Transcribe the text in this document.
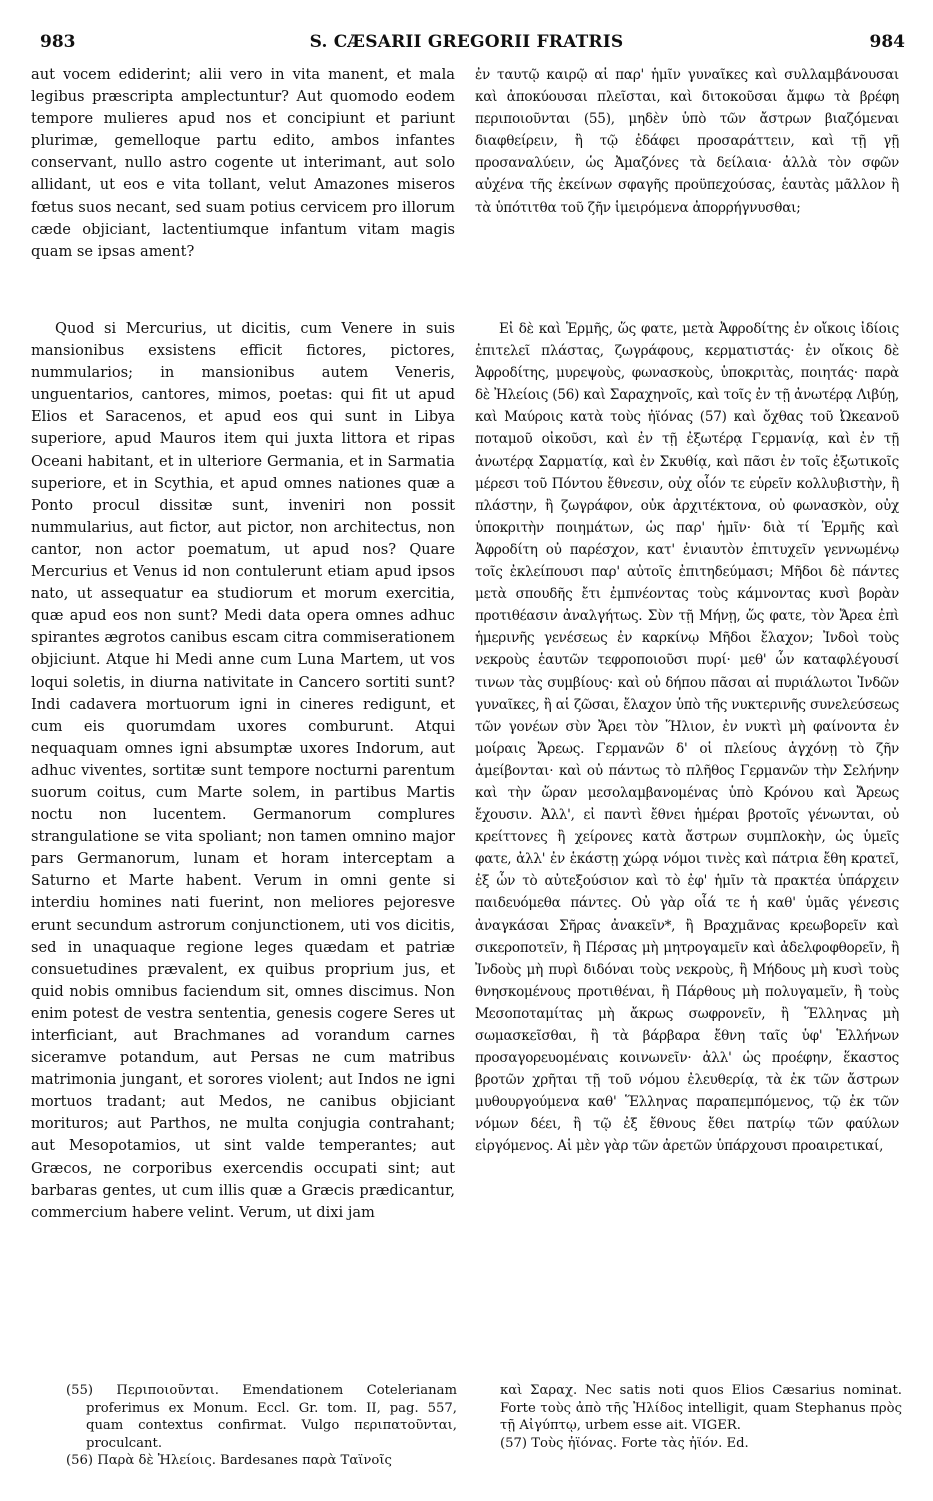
983	S. CÆSARII GREGORII FRATRIS	984

aut vocem ediderint; alii vero in vita manent, et mala legibus præscripta amplectuntur? Aut quomodo eodem tempore mulieres apud nos et concipiunt et pariunt plurimæ, gemelloque partu edito, ambos infantes conservant, nullo astro cogente ut interimant, aut solo allidant, ut eos e vita tollant, velut Amazones miseros fœtus suos necant, sed suam potius cervicem pro illorum cæde objiciant, lactentiumque infantum vitam magis quam se ipsas ament?

Quod si Mercurius, ut dicitis, cum Venere in suis mansionibus exsistens efficit fictores, pictores, nummularios; in mansionibus autem Veneris, unguentarios, cantores, mimos, poetas: qui fit ut apud Elios et Saracenos, et apud eos qui sunt in Libya superiore, apud Mauros item qui juxta littora et ripas Oceani habitant, et in ulteriore Germania, et in Sarmatia superiore, et in Scythia, et apud omnes nationes quæ a Ponto procul dissitæ sunt, inveniri non possit nummularius, aut fictor, aut pictor, non architectus, non cantor, non actor poematum, ut apud nos? Quare Mercurius et Venus id non contulerunt etiam apud ipsos nato, ut assequatur ea studiorum et morum exercitia, quæ apud eos non sunt? Medi data opera omnes adhuc spirantes ægrotos canibus escam citra commiserationem objiciunt. Atque hi Medi anne cum Luna Martem, ut vos loqui soletis, in diurna nativitate in Cancero sortiti sunt? Indi cadavera mortuorum igni in cineres redigunt, et cum eis quorumdam uxores comburunt. Atqui nequaquam omnes igni absumptæ uxores Indorum, aut adhuc viventes, sortitæ sunt tempore nocturni parentum suorum coitus, cum Marte solem, in partibus Martis noctu non lucentem. Germanorum complures strangulatione se vita spoliant; non tamen omnino major pars Germanorum, lunam et horam interceptam a Saturno et Marte habent. Verum in omni gente si interdiu homines nati fuerint, non meliores pejoresve erunt secundum astrorum conjunctionem, uti vos dicitis, sed in unaquaque regione leges quædam et patriæ consuetudines prævalent, ex quibus proprium jus, et quid nobis omnibus faciendum sit, omnes discimus. Non enim potest de vestra sententia, genesis cogere Seres ut interficiant, aut Brachmanes ad vorandum carnes siceramve potandum, aut Persas ne cum matribus matrimonia jungant, et sorores violent; aut Indos ne igni mortuos tradant; aut Medos, ne canibus objiciant morituros; aut Parthos, ne multa conjugia contrahant; aut Mesopotamios, ut sint valde temperantes; aut Græcos, ne corporibus exercendis occupati sint; aut barbaras gentes, ut cum illis quæ a Græcis prædicantur, commercium habere velint. Verum, ut dixi jam

ἐν ταυτῷ καιρῷ αἱ παρ' ἡμῖν γυναῖκες καὶ συλλαμβάνουσαι καὶ ἀποκύουσαι πλεῖσται, καὶ διτοκοῦσαι ἄμφω τὰ βρέφη περιποιοῦνται (55), μηδὲν ὑπὸ τῶν ἄστρων βιαζόμεναι διαφθείρειν, ἢ τῷ ἐδάφει προσαράττειν, καὶ τῇ γῇ προσαναλύειν, ὡς Ἀμαζόνες τὰ δείλαια· ἀλλὰ τὸν σφῶν αὐχένα τῆς ἐκείνων σφαγῆς προϋπεχούσας, ἑαυτὰς μᾶλλον ἢ τὰ ὑπότιτθα τοῦ ζῆν ἱμειρόμενα ἀπορρήγνυσθαι;

Εἰ δὲ καὶ Ἑρμῆς, ὥς φατε, μετὰ Ἀφροδίτης ἐν οἴκοις ἰδίοις ἐπιτελεῖ πλάστας, ζωγράφους, κερματιστάς· ἐν οἴκοις δὲ Ἀφροδίτης, μυρεψοὺς, φωνασκοὺς, ὑποκριτὰς, ποιητάς· παρὰ δὲ Ἠλείοις (56) καὶ Σαραχηνοῖς, καὶ τοῖς ἐν τῇ ἀνωτέρᾳ Λιβύῃ, καὶ Μαύροις κατὰ τοὺς ἠϊόνας (57) καὶ ὄχθας τοῦ Ὠκεανοῦ ποταμοῦ οἰκοῦσι, καὶ ἐν τῇ ἐξωτέρᾳ Γερμανίᾳ, καὶ ἐν τῇ ἀνωτέρᾳ Σαρματίᾳ, καὶ ἐν Σκυθίᾳ, καὶ πᾶσι ἐν τοῖς ἐξωτικοῖς μέρεσι τοῦ Πόντου ἔθνεσιν, οὐχ οἷόν τε εὑρεῖν κολλυβιστὴν, ἢ πλάστην, ἢ ζωγράφον, οὐκ ἀρχιτέκτονα, οὐ φωνασκὸν, οὐχ ὑποκριτὴν ποιημάτων, ὡς παρ' ἡμῖν· διὰ τί Ἑρμῆς καὶ Ἀφροδίτη οὐ παρέσχον, κατ' ἐνιαυτὸν ἐπιτυχεῖν γεννωμένῳ τοῖς ἐκλείπουσι παρ' αὐτοῖς ἐπιτηδεύμασι; Μῆδοι δὲ πάντες μετὰ σπουδῆς ἔτι ἐμπνέοντας τοὺς κάμνοντας κυσὶ βορὰν προτιθέασιν ἀναλγήτως. Σὺν τῇ Μήνῃ, ὥς φατε, τὸν Ἄρεα ἐπὶ ἡμερινῆς γενέσεως ἐν καρκίνῳ Μῆδοι ἔλαχον; Ἰνδοὶ τοὺς νεκροὺς ἑαυτῶν τεφροποιοῦσι πυρί· μεθ' ὧν καταφλέγουσί τινων τὰς συμβίους· καὶ οὐ δήπου πᾶσαι αἱ πυριάλωτοι Ἰνδῶν γυναῖκες, ἢ αἱ ζῶσαι, ἔλαχον ὑπὸ τῆς νυκτερινῆς συνελεύσεως τῶν γονέων σὺν Ἄρει τὸν Ἥλιον, ἐν νυκτὶ μὴ φαίνοντα ἐν μοίραις Ἄρεως. Γερμανῶν δ' οἱ πλείους ἀγχόνῃ τὸ ζῆν ἀμείβονται· καὶ οὐ πάντως τὸ πλῆθος Γερμανῶν τὴν Σελήνην καὶ τὴν ὥραν μεσολαμβανομένας ὑπὸ Κρόνου καὶ Ἄρεως ἔχουσιν. Ἀλλ', εἰ παντὶ ἔθνει ἡμέραι βροτοῖς γένωνται, οὐ κρείττονες ἢ χείρονες κατὰ ἄστρων συμπλοκὴν, ὡς ὑμεῖς φατε, ἀλλ' ἐν ἑκάστῃ χώρᾳ νόμοι τινὲς καὶ πάτρια ἔθη κρατεῖ, ἐξ ὧν τὸ αὐτεξούσιον καὶ τὸ ἐφ' ἡμῖν τὰ πρακτέα ὑπάρχειν παιδευόμεθα πάντες. Οὐ γὰρ οἷά τε ἡ καθ' ὑμᾶς γένεσις ἀναγκάσαι Σῆρας ἀνακεῖν*, ἢ Βραχμᾶνας κρεωβορεῖν καὶ σικεροποτεῖν, ἢ Πέρσας μὴ μητρογαμεῖν καὶ ἀδελφοφθορεῖν, ἢ Ἰνδοὺς μὴ πυρὶ διδόναι τοὺς νεκροὺς, ἢ Μήδους μὴ κυσὶ τοὺς θνησκομένους προτιθέναι, ἢ Πάρθους μὴ πολυγαμεῖν, ἢ τοὺς Μεσοποταμίτας μὴ ἄκρως σωφρονεῖν, ἢ Ἕλληνας μὴ σωμασκεῖσθαι, ἢ τὰ βάρβαρα ἔθνη ταῖς ὑφ' Ἑλλήνων προσαγορευομέναις κοινωνεῖν· ἀλλ' ὡς προέφην, ἕκαστος βροτῶν χρῆται τῇ τοῦ νόμου ἐλευθερίᾳ, τὰ ἐκ τῶν ἄστρων μυθουργούμενα καθ' Ἕλληνας παραπεμπόμενος, τῷ ἐκ τῶν νόμων δέει, ἢ τῷ ἐξ ἔθνους ἔθει πατρίῳ τῶν φαύλων εἰργόμενος. Αἱ μὲν γὰρ τῶν ἀρετῶν ὑπάρχουσι προαιρετικαί,

(55) Περιποιοῦνται. Emendationem Cotelerianam proferimus ex Monum. Eccl. Gr. tom. II, pag. 557, quam contextus confirmat. Vulgo περιπατοῦνται, proculcant.

(56) Παρὰ δὲ Ἠλείοις. Bardesanes παρὰ Ταϊνοῖς

καὶ Σαραχ. Nec satis noti quos Elios Cæsarius nominat. Forte τοὺς ἀπὸ τῆς Ἠλίδος intelligit, quam Stephanus πρὸς τῇ Αἰγύπτῳ, urbem esse ait. VIGER.

(57) Τοὺς ἠϊόνας. Forte τὰς ἠϊόν. Ed.
